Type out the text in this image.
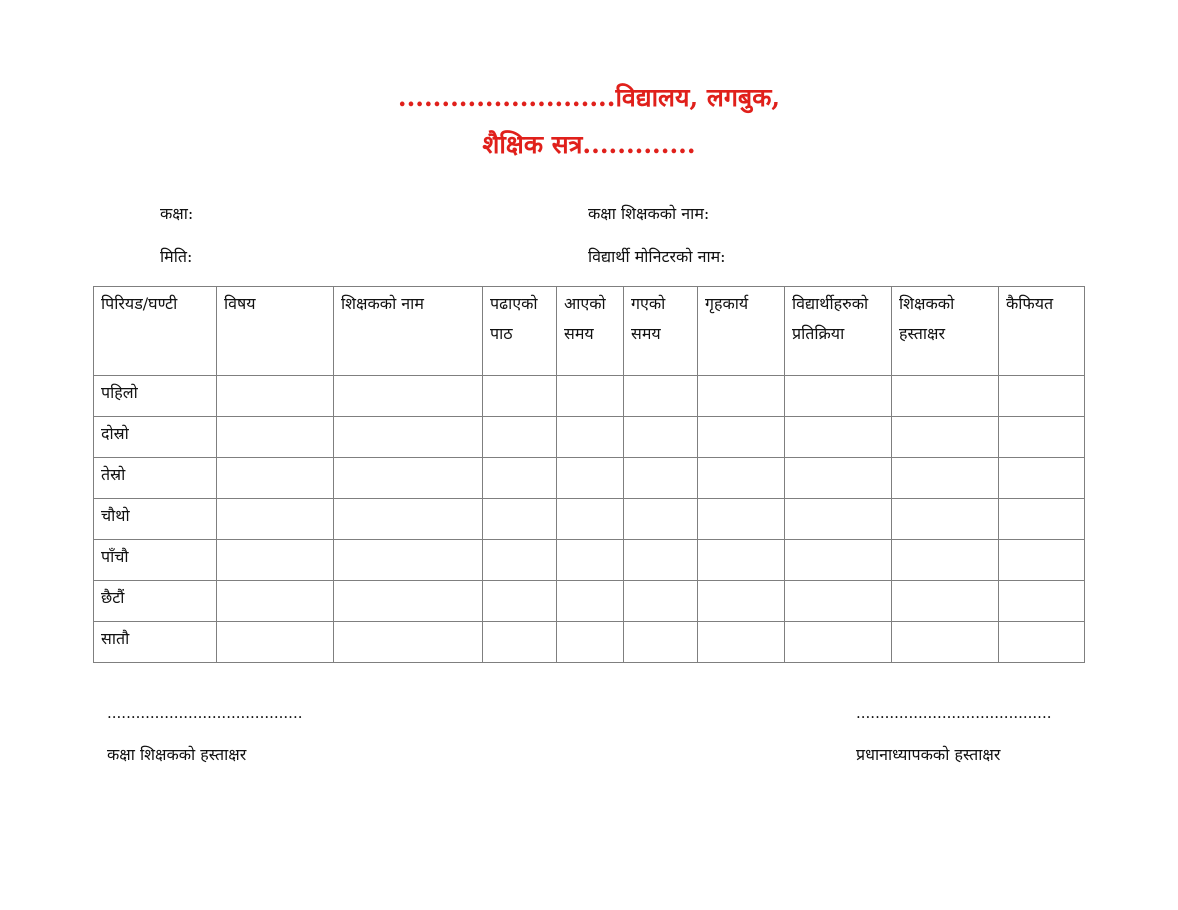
.........................विद्यालय, लगबुक,
शैक्षिक सत्र.............
कक्षा:	कक्षा शिक्षकको नाम:
मिति:	विद्यार्थी मोनिटरको नाम:
पिरियड/घण्टी	विषय	शिक्षकको नाम	पढाएको पाठ	आएको समय	गएको समय	गृहकार्य	विद्यार्थीहरुको प्रतिक्रिया	शिक्षकको हस्ताक्षर	कैफियत
पहिलो									
दोस्रो									
तेस्रो									
चौथो									
पाँचौ									
छैटौं									
सातौ									
.........................................
कक्षा शिक्षकको हस्ताक्षर
.........................................
प्रधानाध्यापकको हस्ताक्षर
